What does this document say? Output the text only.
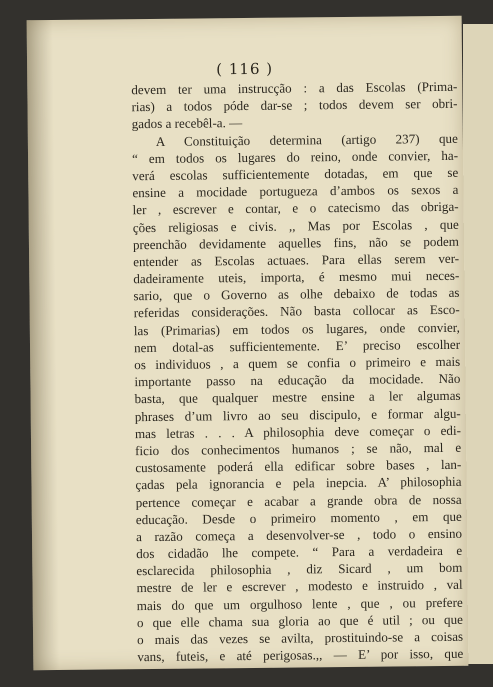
( 116 )
devem ter uma instrucção : a das Escolas (Prima-
rias) a todos póde dar-se ; todos devem ser obri-
gados a recebêl-a. —
A Constituição determina (artigo 237) que
“ em todos os lugares do reino, onde convier, ha-
verá escolas sufficientemente dotadas, em que se
ensine a mocidade portugueza d’ambos os sexos a
ler , escrever e contar, e o catecismo das obriga-
ções religiosas e civis. ,, Mas por Escolas , que
preenchão devidamente aquelles fins, não se podem
entender as Escolas actuaes. Para ellas serem ver-
dadeiramente uteis, importa, é mesmo mui neces-
sario, que o Governo as olhe debaixo de todas as
referidas considerações. Não basta collocar as Esco-
las (Primarias) em todos os lugares, onde convier,
nem dotal-as sufficientemente. E’ preciso escolher
os individuos , a quem se confia o primeiro e mais
importante passo na educação da mocidade. Não
basta, que qualquer mestre ensine a ler algumas
phrases d’um livro ao seu discipulo, e formar algu-
mas letras . . . A philosophia deve começar o edi-
ficio dos conhecimentos humanos ; se não, mal e
custosamente poderá ella edificar sobre bases , lan-
çadas pela ignorancia e pela inepcia. A’ philosophia
pertence começar e acabar a grande obra de nossa
educação. Desde o primeiro momento , em que
a razão começa a desenvolver-se , todo o ensino
dos cidadão lhe compete. “ Para a verdadeira e
esclarecida philosophia , diz Sicard , um bom
mestre de ler e escrever , modesto e instruido , val
mais do que um orgulhoso lente , que , ou prefere
o que elle chama sua gloria ao que é util ; ou que
o mais das vezes se avilta, prostituindo-se a coisas
vans, futeis, e até perigosas.,, — E’ por isso, que
